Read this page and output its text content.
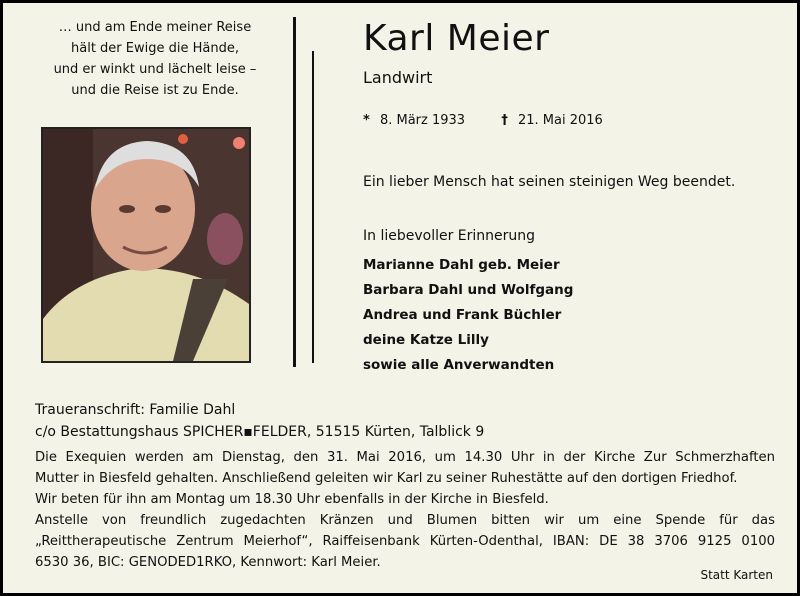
… und am Ende meiner Reise
hält der Ewige die Hände,
und er winkt und lächelt leise –
und die Reise ist zu Ende.
Karl Meier
Landwirt
* 8. März 1933	† 21. Mai 2016
Ein lieber Mensch hat seinen steinigen Weg beendet.
In liebevoller Erinnerung
Marianne Dahl geb. Meier
Barbara Dahl und Wolfgang
Andrea und Frank Büchler
deine Katze Lilly
sowie alle Anverwandten
Traueranschrift: Familie Dahl
c/o Bestattungshaus SPICHER▪FELDER, 51515 Kürten, Talblick 9
Die Exequien werden am Dienstag, den 31. Mai 2016, um 14.30 Uhr in der Kirche Zur Schmerzhaften
Mutter in Biesfeld gehalten. Anschließend geleiten wir Karl zu seiner Ruhestätte auf den dortigen Friedhof.
Wir beten für ihn am Montag um 18.30 Uhr ebenfalls in der Kirche in Biesfeld.
Anstelle von freundlich zugedachten Kränzen und Blumen bitten wir um eine Spende für das
„Reittherapeutische Zentrum Meierhof“, Raiffeisenbank Kürten-Odenthal, IBAN: DE 38 3706 9125 0100
6530 36, BIC: GENODED1RKO, Kennwort: Karl Meier.
Statt Karten
